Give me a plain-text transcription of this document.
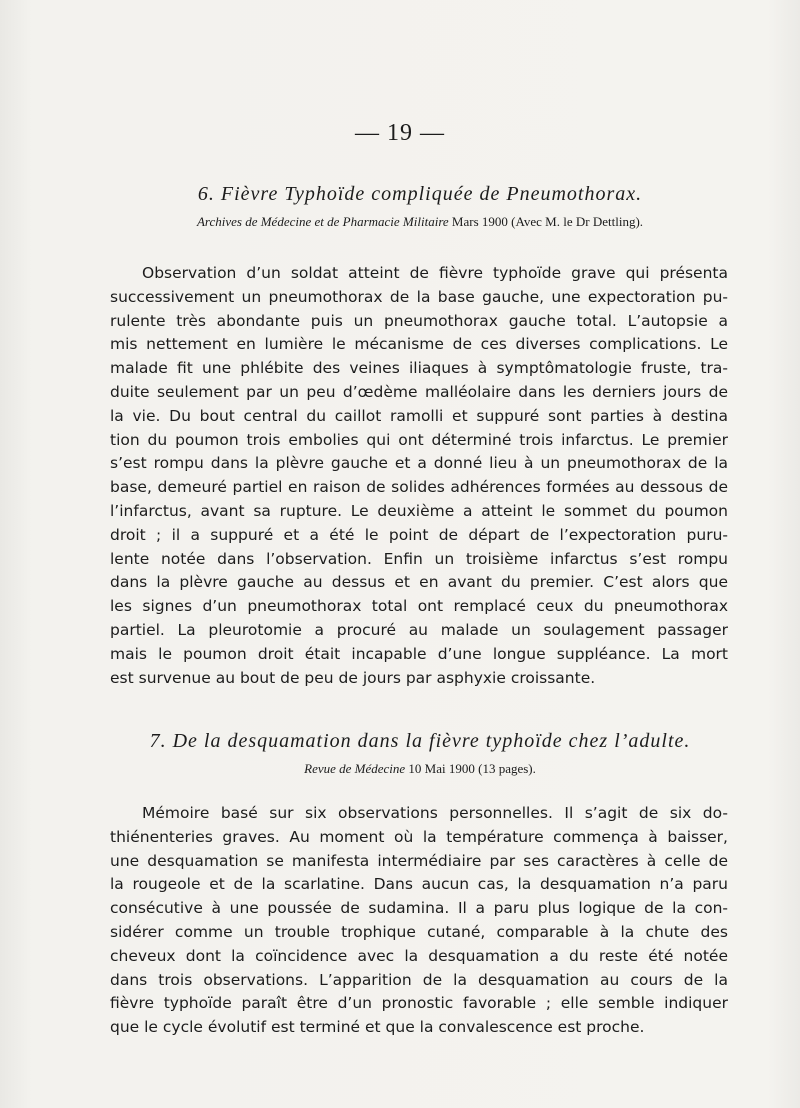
— 19 —
6. Fièvre Typhoïde compliquée de Pneumothorax.
Archives de Médecine et de Pharmacie Militaire Mars 1900 (Avec M. le Dr Dettling).
Observation d’un soldat atteint de fièvre typhoïde grave qui présenta
successivement un pneumothorax de la base gauche, une expectoration pu-
rulente très abondante puis un pneumothorax gauche total. L’autopsie a
mis nettement en lumière le mécanisme de ces diverses complications. Le
malade fit une phlébite des veines iliaques à symptômatologie fruste, tra-
duite seulement par un peu d’œdème malléolaire dans les derniers jours de
la vie. Du bout central du caillot ramolli et suppuré sont parties à destina
tion du poumon trois embolies qui ont déterminé trois infarctus. Le premier
s’est rompu dans la plèvre gauche et a donné lieu à un pneumothorax de la
base, demeuré partiel en raison de solides adhérences formées au dessous de
l’infarctus, avant sa rupture. Le deuxième a atteint le sommet du poumon
droit ; il a suppuré et a été le point de départ de l’expectoration puru-
lente notée dans l’observation. Enfin un troisième infarctus s’est rompu
dans la plèvre gauche au dessus et en avant du premier. C’est alors que
les signes d’un pneumothorax total ont remplacé ceux du pneumothorax
partiel. La pleurotomie a procuré au malade un soulagement passager
mais le poumon droit était incapable d’une longue suppléance. La mort
est survenue au bout de peu de jours par asphyxie croissante.
7. De la desquamation dans la fièvre typhoïde chez l’adulte.
Revue de Médecine 10 Mai 1900 (13 pages).
Mémoire basé sur six observations personnelles. Il s’agit de six do-
thiénenteries graves. Au moment où la température commença à baisser,
une desquamation se manifesta intermédiaire par ses caractères à celle de
la rougeole et de la scarlatine. Dans aucun cas, la desquamation n’a paru
consécutive à une poussée de sudamina. Il a paru plus logique de la con-
sidérer comme un trouble trophique cutané, comparable à la chute des
cheveux dont la coïncidence avec la desquamation a du reste été notée
dans trois observations. L’apparition de la desquamation au cours de la
fièvre typhoïde paraît être d’un pronostic favorable ; elle semble indiquer
que le cycle évolutif est terminé et que la convalescence est proche.
